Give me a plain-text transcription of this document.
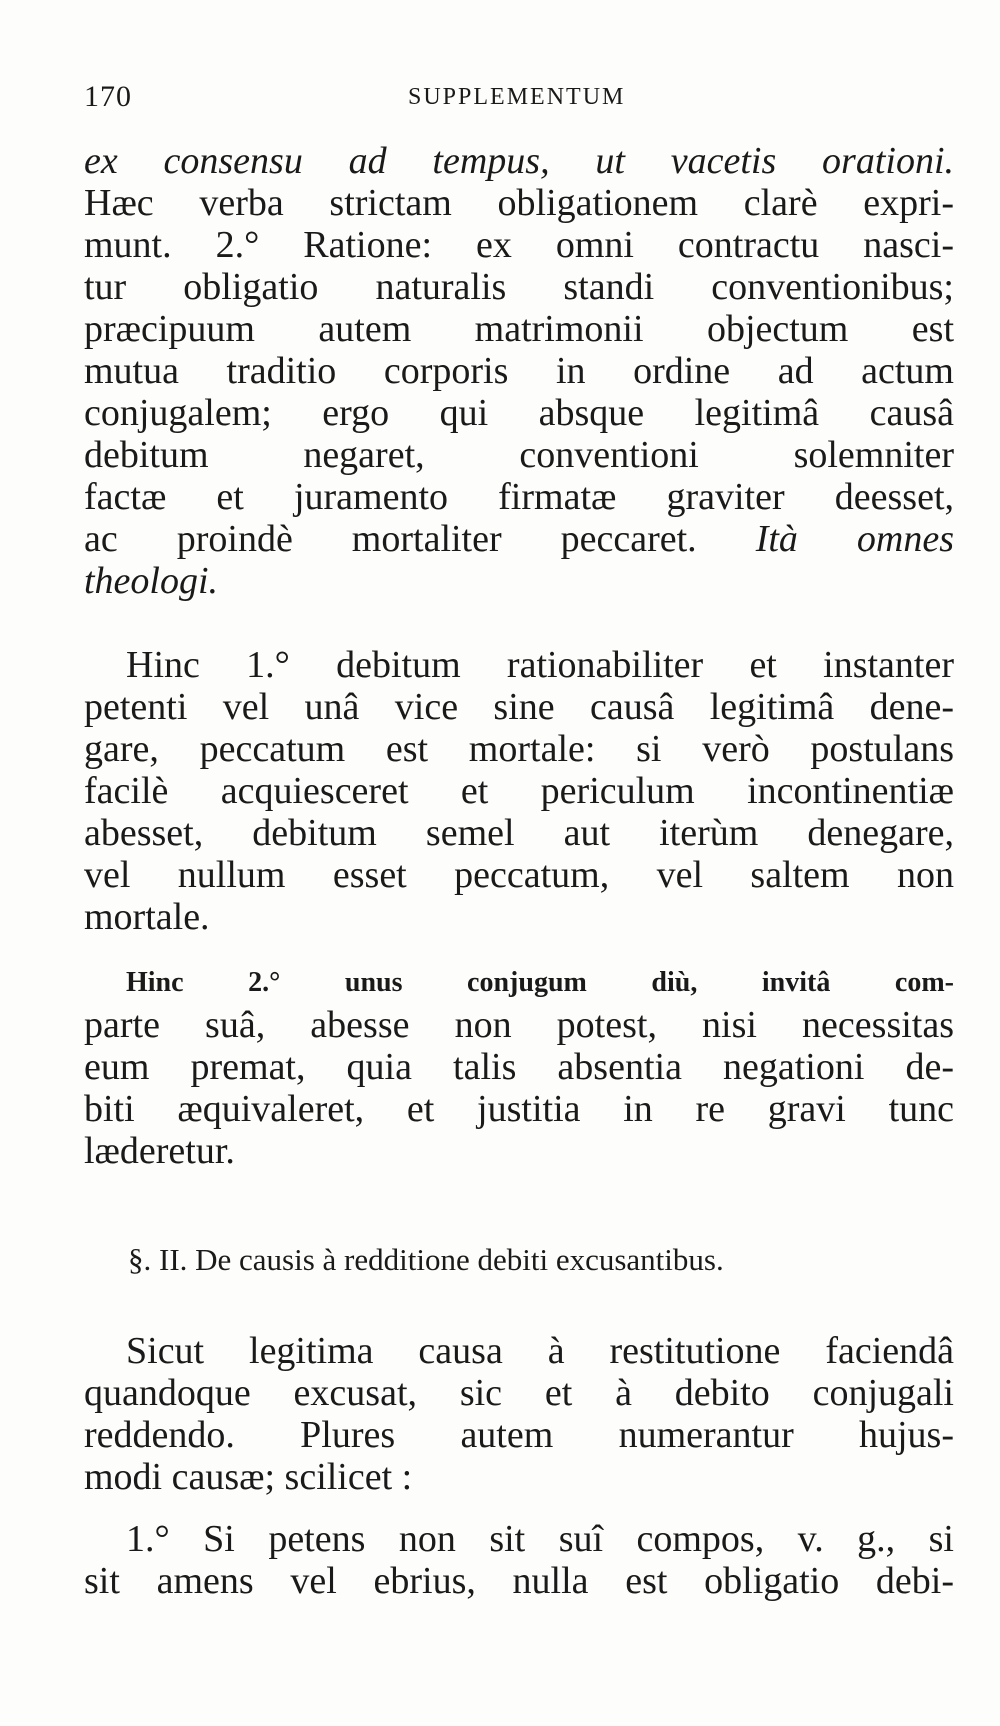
170	SUPPLEMENTUM
ex consensu ad tempus, ut vacetis orationi.
Hæc verba strictam obligationem clarè expri-
munt. 2.° Ratione: ex omni contractu nasci-
tur obligatio naturalis standi conventionibus;
præcipuum autem matrimonii objectum est
mutua traditio corporis in ordine ad actum
conjugalem; ergo qui absque legitimâ causâ
debitum negaret, conventioni solemniter
factæ et juramento firmatæ graviter deesset,
ac proindè mortaliter peccaret. Ità omnes
theologi.
Hinc 1.° debitum rationabiliter et instanter
petenti vel unâ vice sine causâ legitimâ dene-
gare, peccatum est mortale: si verò postulans
facilè acquiesceret et periculum incontinentiæ
abesset, debitum semel aut iterùm denegare,
vel nullum esset peccatum, vel saltem non
mortale.
Hinc 2.° unus conjugum diù, invitâ com-
parte suâ, abesse non potest, nisi necessitas
eum premat, quia talis absentia negationi de-
biti æquivaleret, et justitia in re gravi tunc
læderetur.
§. II. De causis à redditione debiti excusantibus.
Sicut legitima causa à restitutione faciendâ
quandoque excusat, sic et à debito conjugali
reddendo. Plures autem numerantur hujus-
modi causæ; scilicet :
1.° Si petens non sit suî compos, v. g., si
sit amens vel ebrius, nulla est obligatio debi-
